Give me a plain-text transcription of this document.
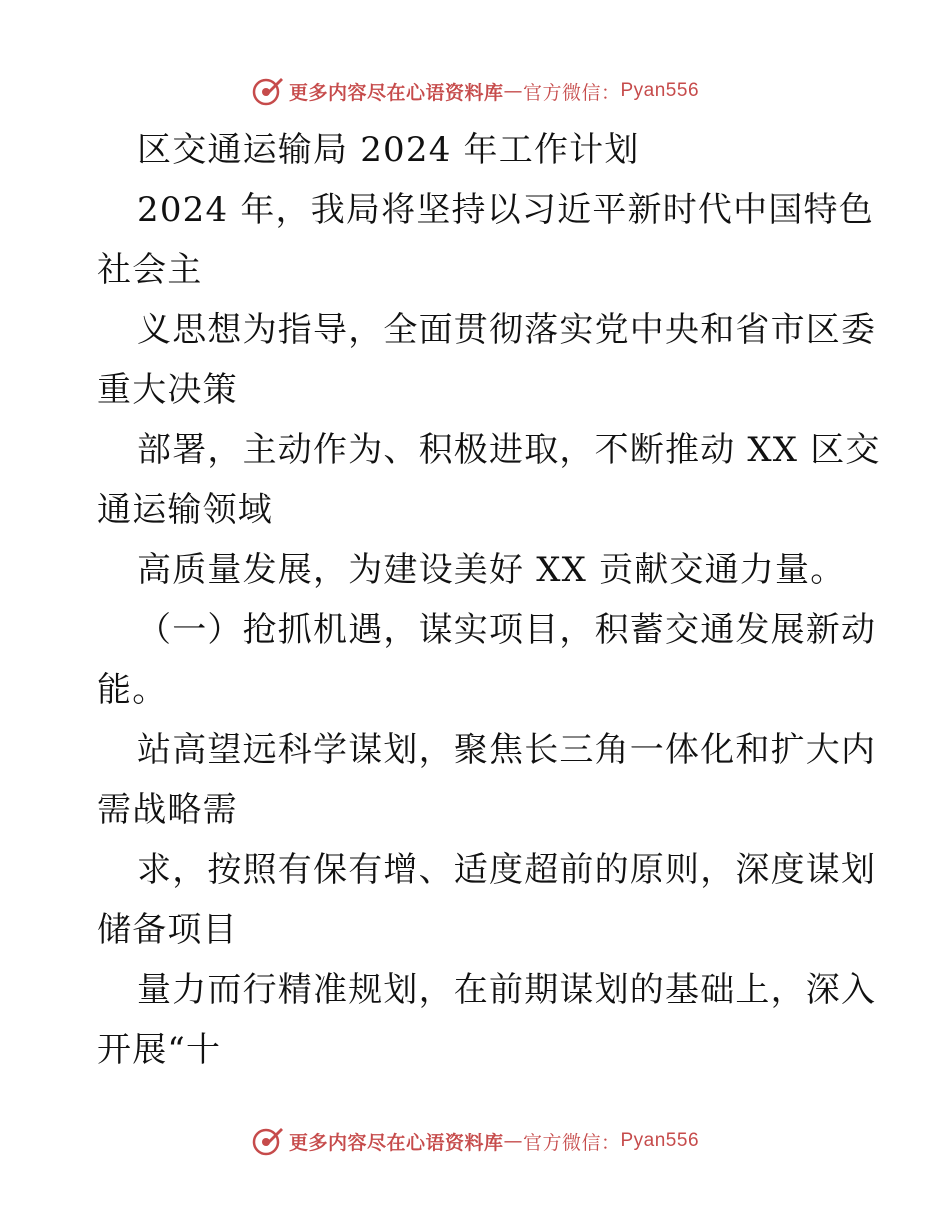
更多内容尽在心语资料库 — 官方微信： Pyan556
区交通运输局 2024 年工作计划
2024 年，我局将坚持以习近平新时代中国特色
社会主
义思想为指导，全面贯彻落实党中央和省市区委
重大决策
部署，主动作为、积极进取，不断推动 XX 区交
通运输领域
高质量发展，为建设美好 XX 贡献交通力量。
（一）抢抓机遇，谋实项目，积蓄交通发展新动
能。
站高望远科学谋划，聚焦长三角一体化和扩大内
需战略需
求，按照有保有增、适度超前的原则，深度谋划
储备项目
量力而行精准规划，在前期谋划的基础上，深入
开展“十
更多内容尽在心语资料库 — 官方微信： Pyan556
